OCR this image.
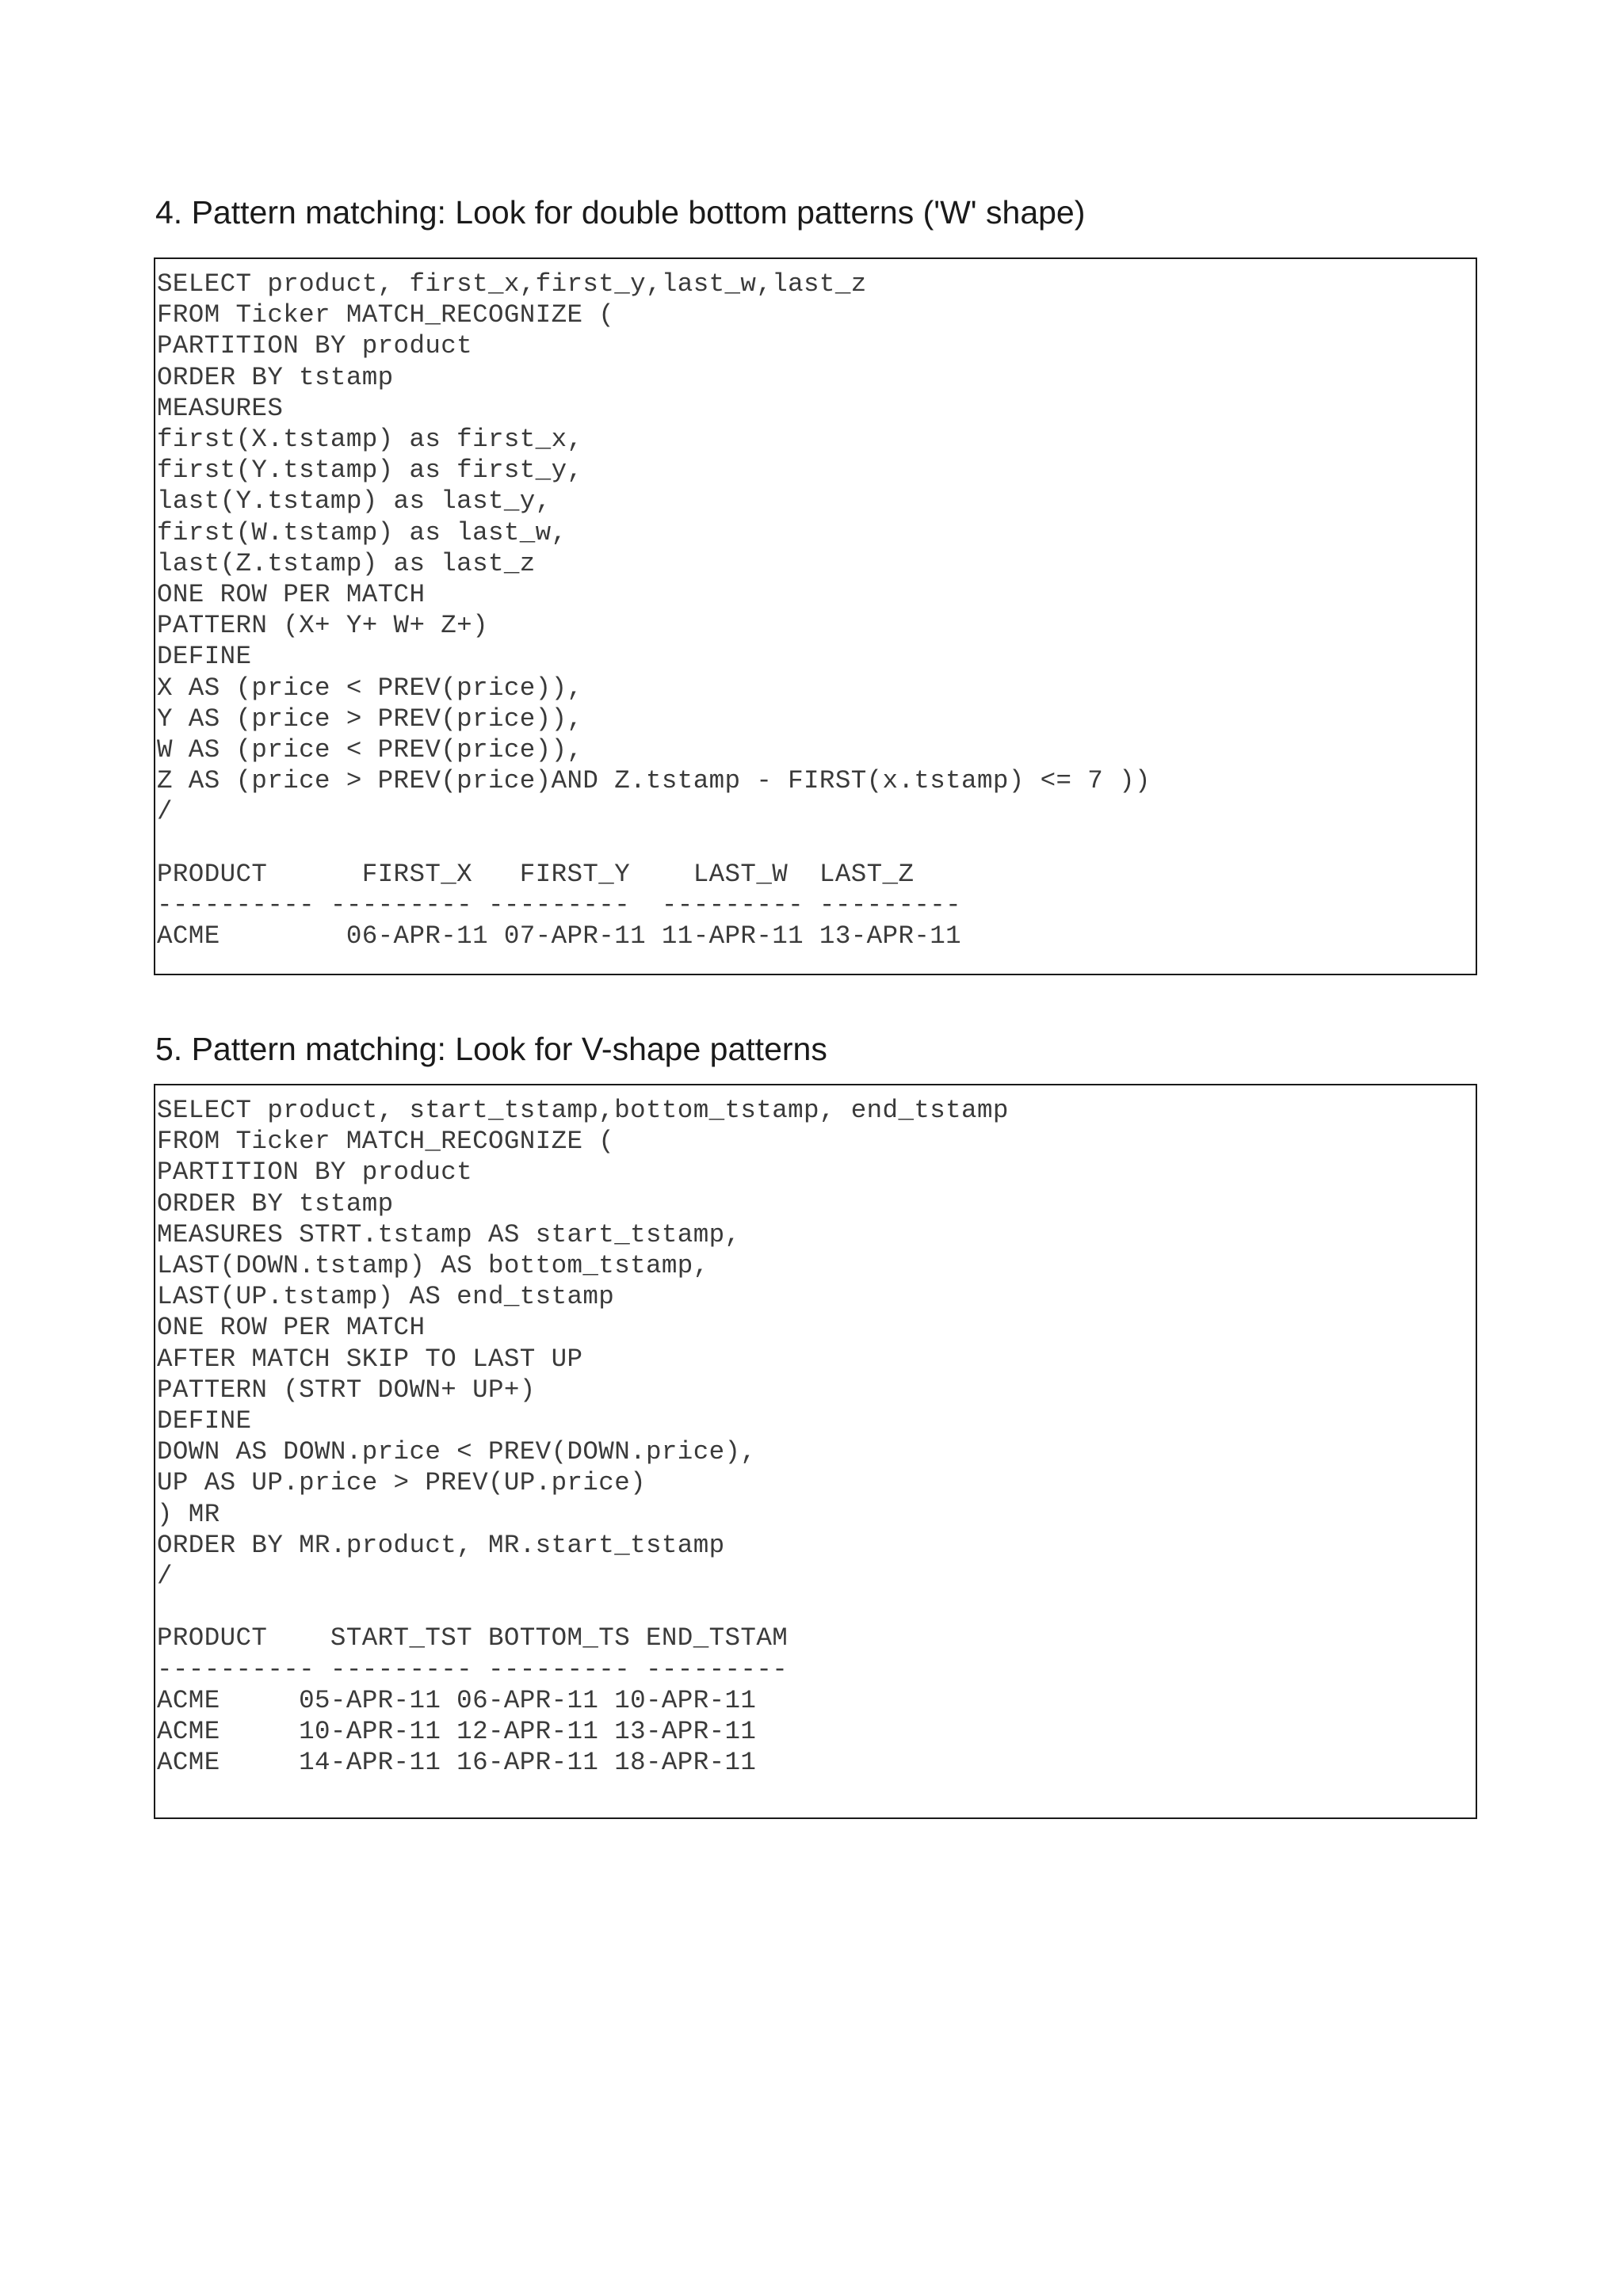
4. Pattern matching: Look for double bottom patterns ('W' shape)
SELECT product, first_x,first_y,last_w,last_z
FROM Ticker MATCH_RECOGNIZE (
PARTITION BY product
ORDER BY tstamp
MEASURES
first(X.tstamp) as first_x,
first(Y.tstamp) as first_y,
last(Y.tstamp) as last_y,
first(W.tstamp) as last_w,
last(Z.tstamp) as last_z
ONE ROW PER MATCH
PATTERN (X+ Y+ W+ Z+)
DEFINE
X AS (price < PREV(price)),
Y AS (price > PREV(price)),
W AS (price < PREV(price)),
Z AS (price > PREV(price)AND Z.tstamp - FIRST(x.tstamp) <= 7 ))
/

PRODUCT      FIRST_X   FIRST_Y    LAST_W  LAST_Z
---------- --------- ---------  --------- ---------
ACME        06-APR-11 07-APR-11 11-APR-11 13-APR-11
5. Pattern matching: Look for V-shape patterns
SELECT product, start_tstamp,bottom_tstamp, end_tstamp
FROM Ticker MATCH_RECOGNIZE (
PARTITION BY product
ORDER BY tstamp
MEASURES STRT.tstamp AS start_tstamp,
LAST(DOWN.tstamp) AS bottom_tstamp,
LAST(UP.tstamp) AS end_tstamp
ONE ROW PER MATCH
AFTER MATCH SKIP TO LAST UP
PATTERN (STRT DOWN+ UP+)
DEFINE
DOWN AS DOWN.price < PREV(DOWN.price),
UP AS UP.price > PREV(UP.price)
) MR
ORDER BY MR.product, MR.start_tstamp
/

PRODUCT    START_TST BOTTOM_TS END_TSTAM
---------- --------- --------- ---------
ACME     05-APR-11 06-APR-11 10-APR-11
ACME     10-APR-11 12-APR-11 13-APR-11
ACME     14-APR-11 16-APR-11 18-APR-11
